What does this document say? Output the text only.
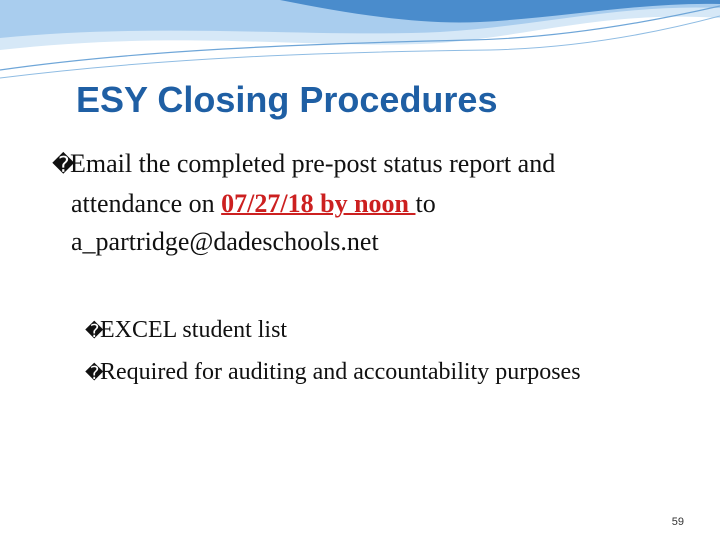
ESY Closing Procedures
�Email the completed pre-post status report and
attendance on 07/27/18 by noon to
a_partridge@dadeschools.net
�EXCEL student list
�Required for auditing and accountability purposes
59
